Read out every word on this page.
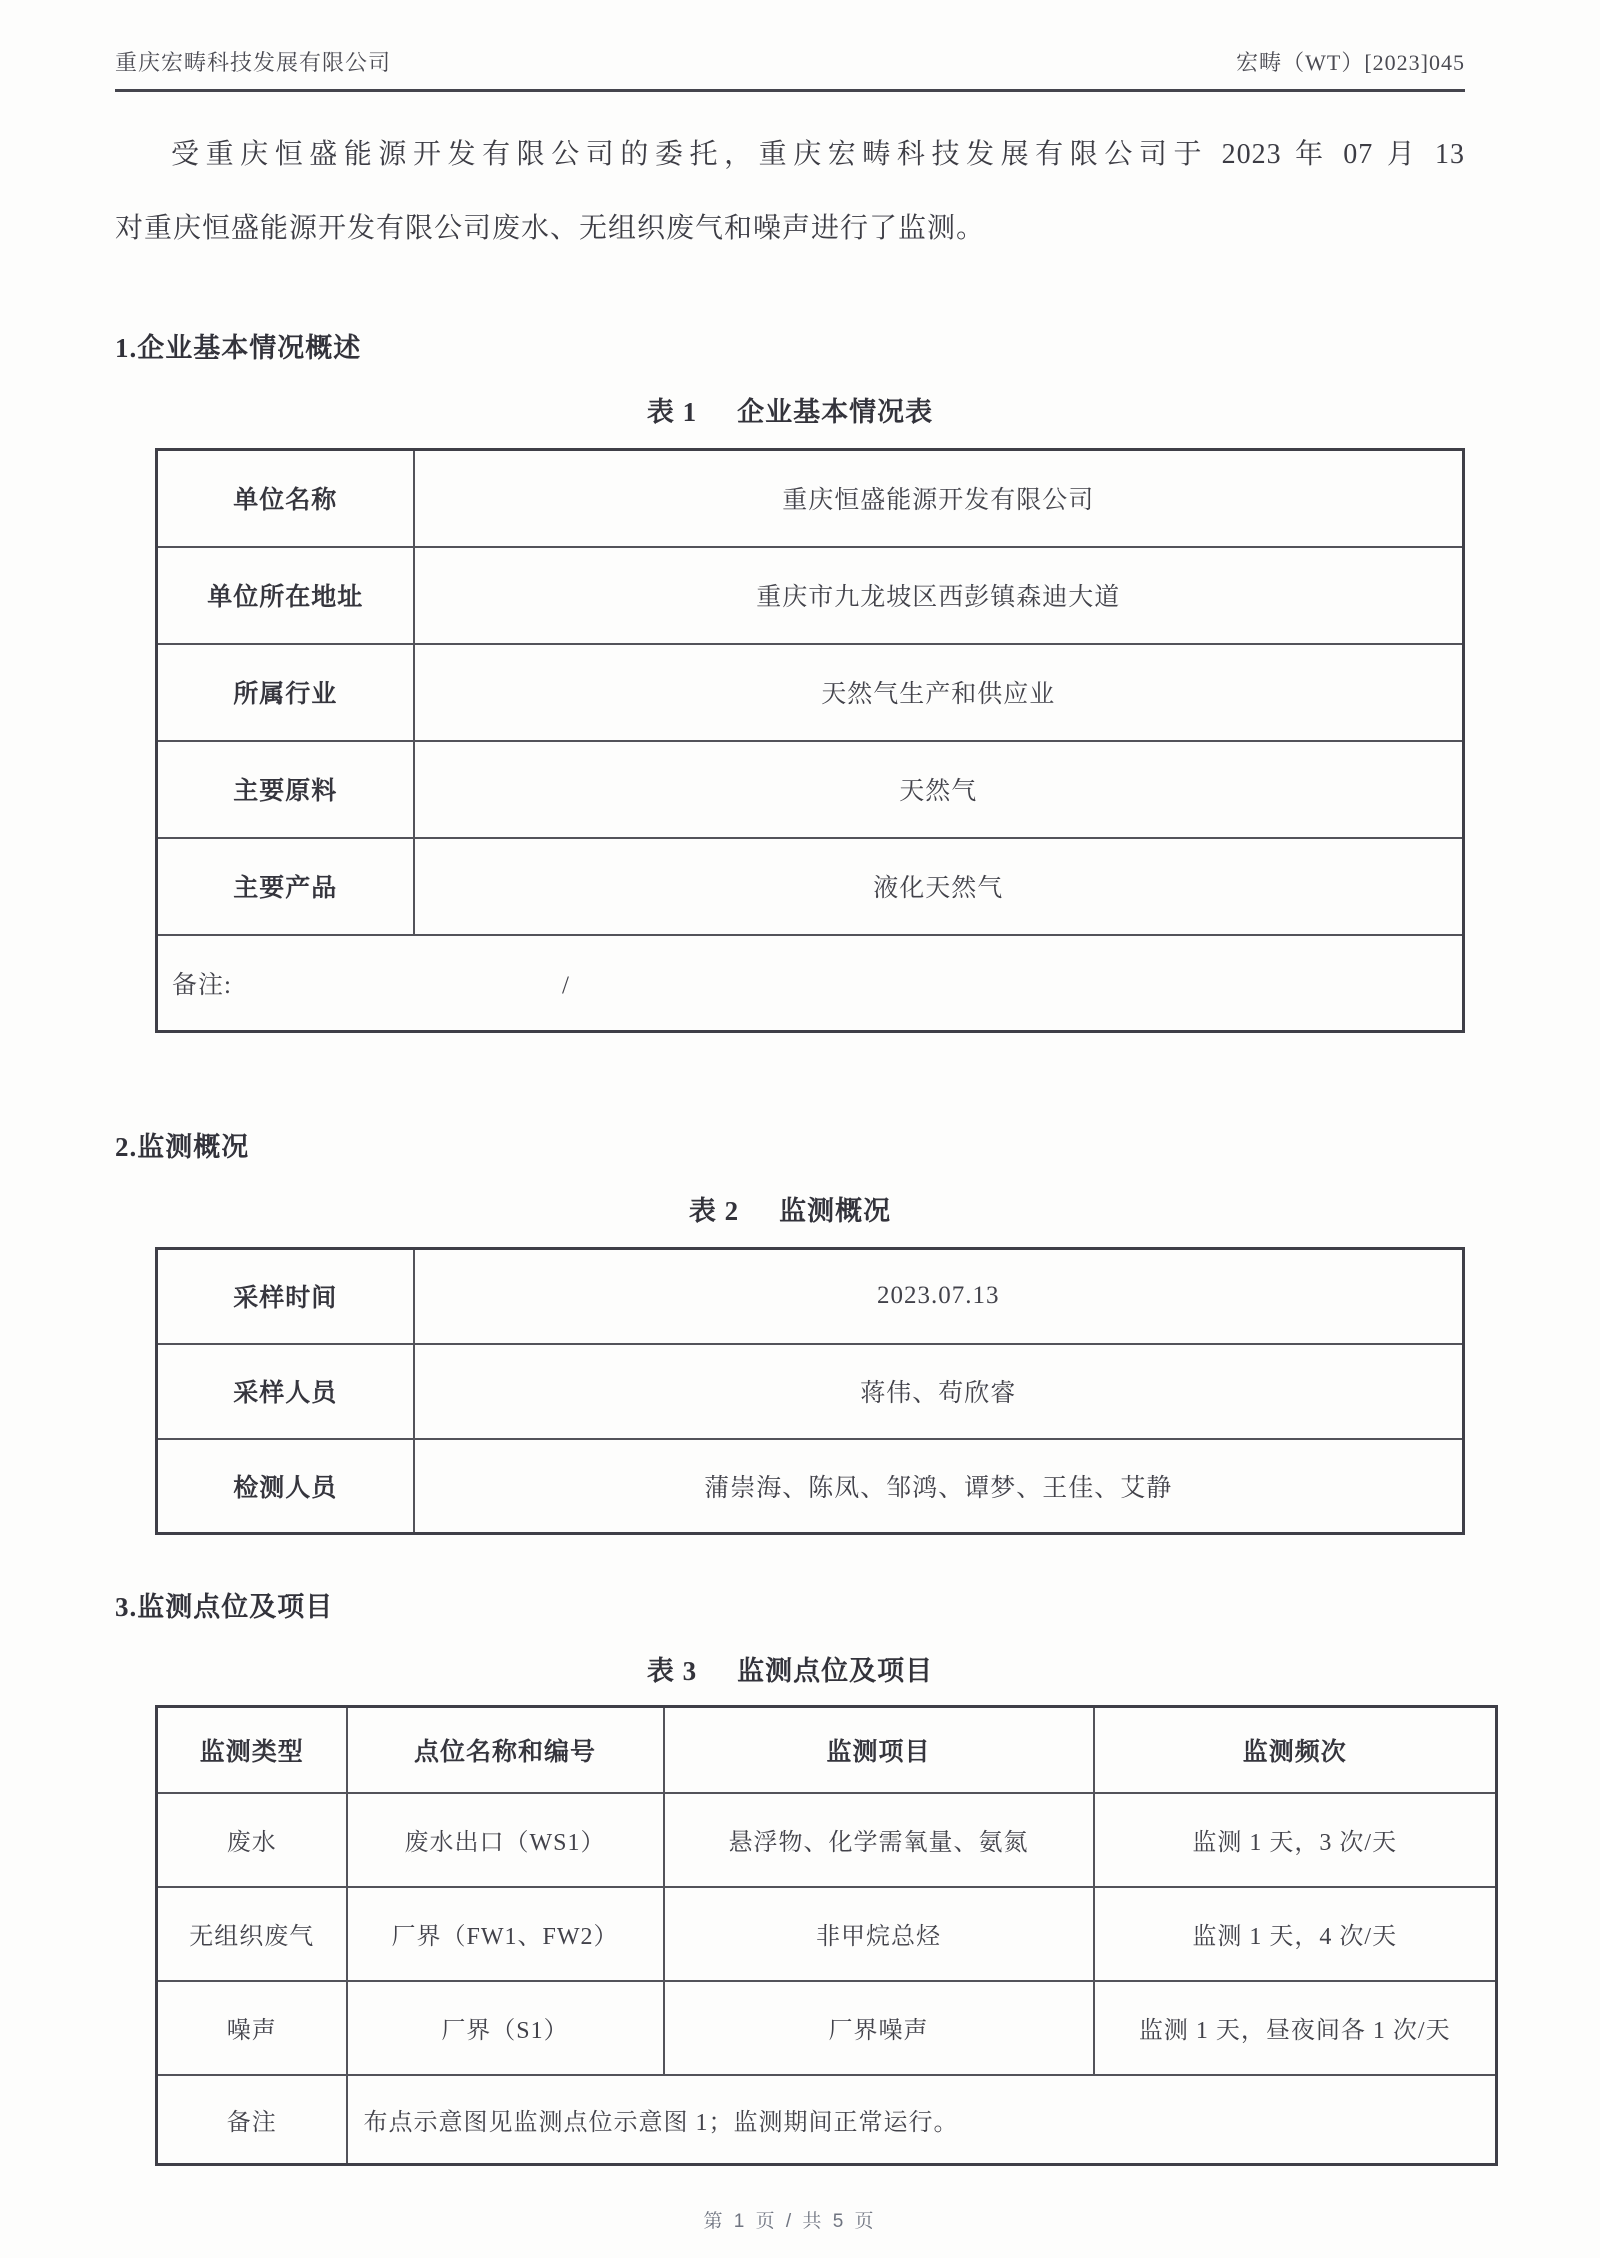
重庆宏畴科技发展有限公司	宏畴（WT）[2023]045
受重庆恒盛能源开发有限公司的委托，重庆宏畴科技发展有限公司于 2023 年 07 月 13
对重庆恒盛能源开发有限公司废水、无组织废气和噪声进行了监测。
1.企业基本情况概述
表 1 企业基本情况表
单位名称	重庆恒盛能源开发有限公司
单位所在地址	重庆市九龙坡区西彭镇森迪大道
所属行业	天然气生产和供应业
主要原料	天然气
主要产品	液化天然气
备注: /	
2.监测概况
表 2 监测概况
采样时间	2023.07.13
采样人员	蒋伟、苟欣睿
检测人员	蒲崇海、陈凤、邹鸿、谭梦、王佳、艾静
3.监测点位及项目
表 3 监测点位及项目
监测类型	点位名称和编号	监测项目	监测频次
废水	废水出口（WS1）	悬浮物、化学需氧量、氨氮	监测 1 天，3 次/天
无组织废气	厂界（FW1、FW2）	非甲烷总烃	监测 1 天，4 次/天
噪声	厂界（S1）	厂界噪声	监测 1 天，昼夜间各 1 次/天
备注	布点示意图见监测点位示意图 1；监测期间正常运行。		
第 1 页 / 共 5 页
